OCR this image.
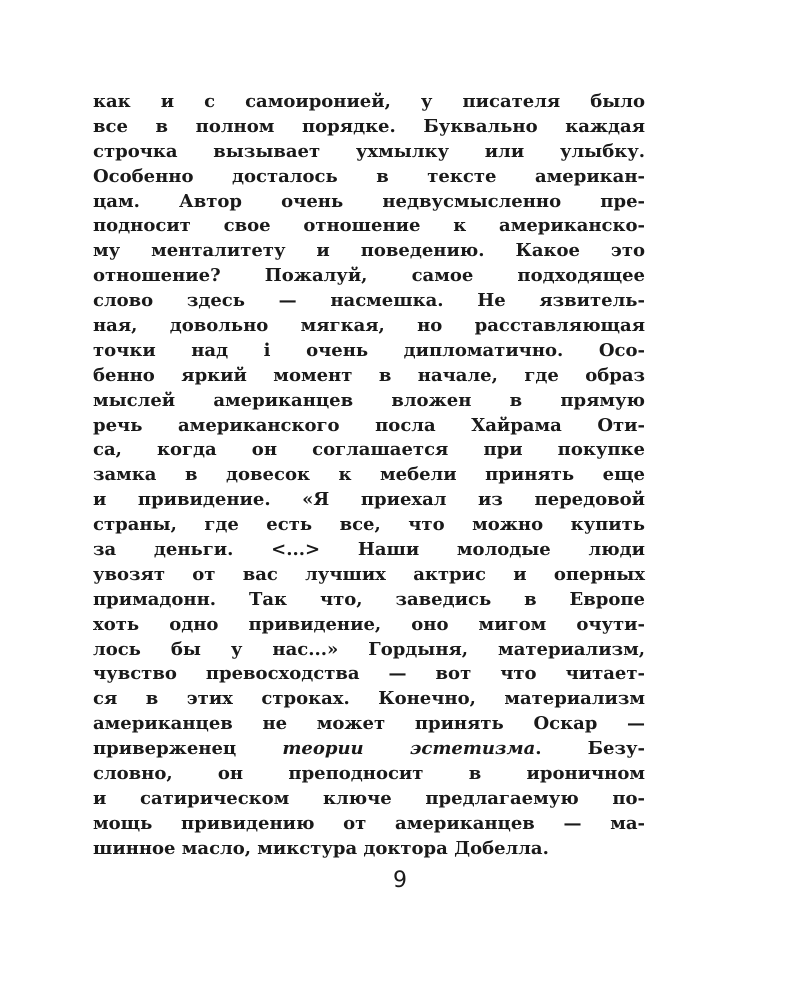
как и с самоиронией, у писателя было
все в полном порядке. Буквально каждая
строчка вызывает ухмылку или улыбку.
Особенно досталось в тексте американ-
цам. Автор очень недвусмысленно пре-
подносит свое отношение к американско-
му менталитету и поведению. Какое это
отношение? Пожалуй, самое подходящее
слово здесь — насмешка. Не язвитель-
ная, довольно мягкая, но расставляющая
точки над і очень дипломатично. Осо-
бенно яркий момент в начале, где образ
мыслей американцев вложен в прямую
речь американского посла Хайрама Оти-
са, когда он соглашается при покупке
замка в довесок к мебели принять еще
и привидение. «Я приехал из передовой
страны, где есть все, что можно купить
за деньги. <...> Наши молодые люди
увозят от вас лучших актрис и оперных
примадонн. Так что, заведись в Европе
хоть одно привидение, оно мигом очути-
лось бы у нас...» Гордыня, материализм,
чувство превосходства — вот что читает-
ся в этих строках. Конечно, материализм
американцев не может принять Оскар —
приверженец	теории эстетизма. Безу-
словно, он преподносит в ироничном
и сатирическом ключе предлагаемую по-
мощь привидению от американцев — ма-
шинное масло, микстура доктора Добелла.
9
